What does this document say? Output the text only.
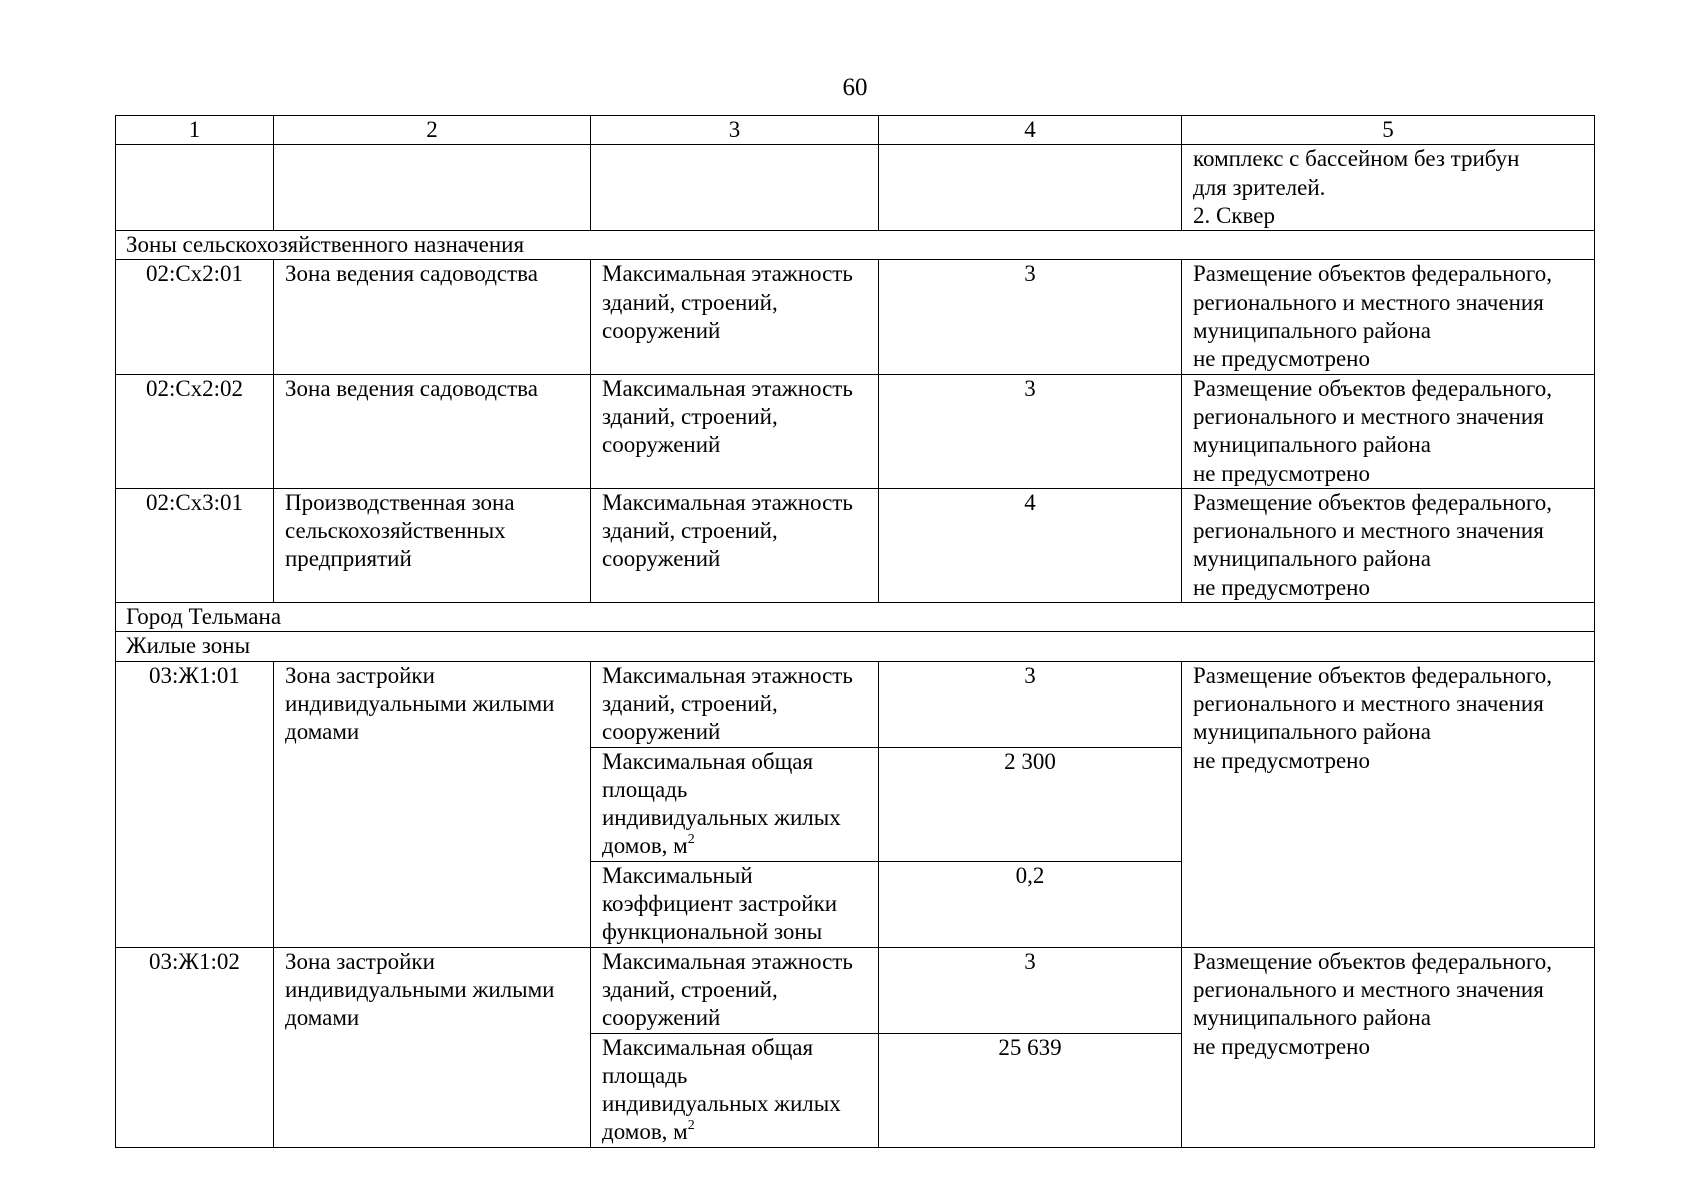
60
1	2	3	4	5

				комплекс с бассейном без трибун
для зрителей.
2. Сквер

Зоны сельскохозяйственного назначения				
02:Сх2:01	Зона ведения садоводства	Максимальная этажность
зданий, строений,
сооружений	3	Размещение объектов федерального,
регионального и местного значения
муниципального района
не предусмотрено

02:Сх2:02	Зона ведения садоводства	Максимальная этажность
зданий, строений,
сооружений	3	Размещение объектов федерального,
регионального и местного значения
муниципального района
не предусмотрено

02:Сх3:01	Производственная зона
сельскохозяйственных
предприятий	Максимальная этажность
зданий, строений,
сооружений	4	Размещение объектов федерального,
регионального и местного значения
муниципального района
не предусмотрено

Город Тельмана				
Жилые зоны				
03:Ж1:01	Зона застройки
индивидуальными жилыми
домами	Максимальная этажность
зданий, строений,
сооружений	3	Размещение объектов федерального,
регионального и местного значения
муниципального района
не предусмотрено

		Максимальная общая
площадь
индивидуальных жилых
домов, $м^2$	2 300	

		Максимальный
коэффициент застройки
функциональной зоны	0,2	
03:Ж1:02	Зона застройки
индивидуальными жилыми
домами	Максимальная этажность
зданий, строений,
сооружений	3	Размещение объектов федерального,
регионального и местного значения
муниципального района
не предусмотрено

		Максимальная общая
площадь
индивидуальных жилых
домов, $м^2$	25 639	
